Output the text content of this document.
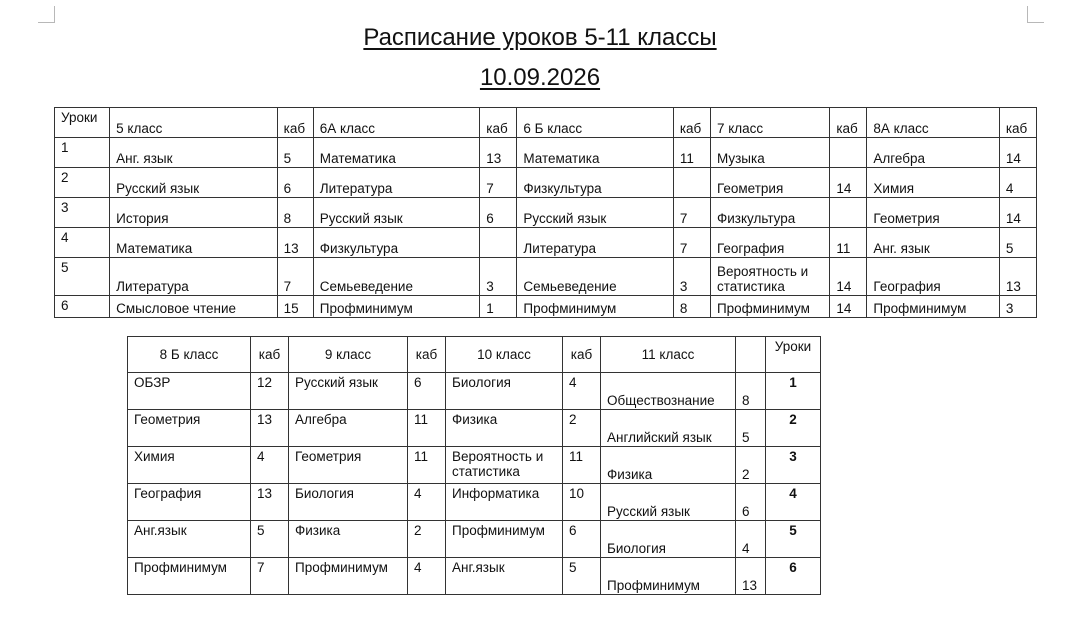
Расписание уроков 5-11 классы
10.09.2026
Уроки	5 класс	каб	6А класс	каб	6 Б класс	каб	7 класс	каб	8А класс	каб
1	Анг. язык	5	Математика	13	Математика	11	Музыка		Алгебра	14
2	Русский язык	6	Литература	7	Физкультура		Геометрия	14	Химия	4
3	История	8	Русский язык	6	Русский язык	7	Физкультура		Геометрия	14
4	Математика	13	Физкультура		Литература	7	География	11	Анг. язык	5
5	Литература	7	Семьеведение	3	Семьеведение	3	Вероятность и статистика	14	География	13
6	Смысловое чтение	15	Профминимум	1	Профминимум	8	Профминимум	14	Профминимум	3
8 Б класс	каб	9 класс	каб	10 класс	каб	11 класс		Уроки
ОБЗР	12	Русский язык	6	Биология	4	Обществознание	8	1
Геометрия	13	Алгебра	11	Физика	2	Английский язык	5	2
Химия	4	Геометрия	11	Вероятность и статистика	11	Физика	2	3
География	13	Биология	4	Информатика	10	Русский язык	6	4
Анг.язык	5	Физика	2	Профминимум	6	Биология	4	5
Профминимум	7	Профминимум	4	Анг.язык	5	Профминимум	13	6
